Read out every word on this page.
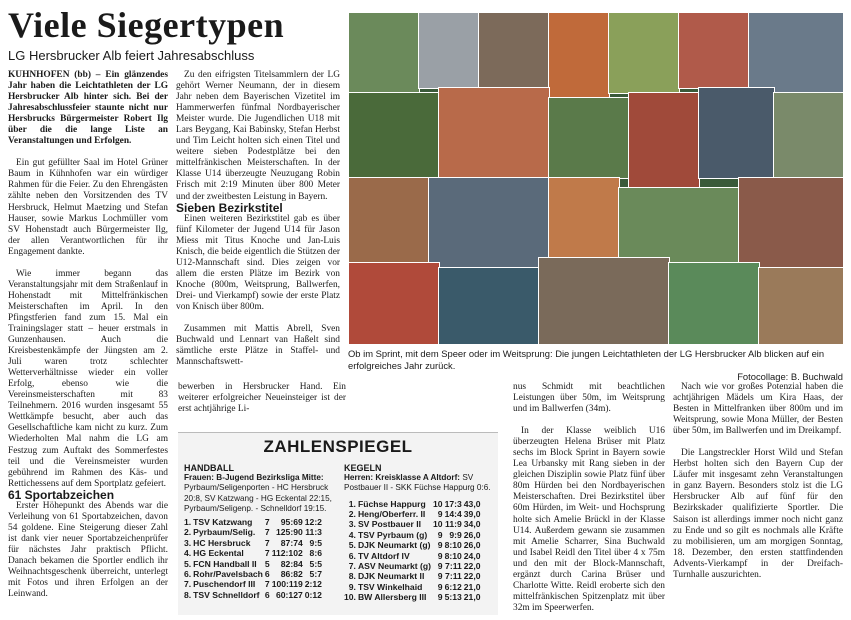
Viele Siegertypen
LG Hersbrucker Alb feiert Jahresabschluss

KÜHNHOFEN (bb) – Ein glänzendes Jahr haben die Leichtathleten der LG Hersbrucker Alb hinter sich. Bei der Jahresabschlussfeier staunte nicht nur Hersbrucks Bürgermeister Robert Ilg über die die lange Liste an Veranstaltungen und Erfolgen.

Ein gut gefüllter Saal im Hotel Grüner Baum in Kühnhofen war ein würdiger Rahmen für die Feier. Zu den Ehrengästen zählte neben den Vorsitzenden des TV Hersbruck, Helmut Maetzing und Stefan Hauser, sowie Markus Lochmüller vom SV Hohenstadt auch Bürgermeister Ilg, der allen Verantwortlichen für ihr Engagement dankte.

Wie immer begann das Veranstaltungsjahr mit dem Straßenlauf in Hohenstadt mit Mittelfränkischen Meisterschaften im April. In den Pfingstferien fand zum 15. Mal ein Trainingslager statt – heuer erstmals in Gunzenhausen. Auch die Kreisbestenkämpfe der Jüngsten am 2. Juli waren trotz schlechter Wetterverhältnisse wieder ein voller Erfolg, ebenso wie die Vereinsmeisterschaften mit 83 Teilnehmern. 2016 wurden insgesamt 55 Wettkämpfe besucht, aber auch das Gesellschaftliche kam nicht zu kurz. Zum Wiederholten Mal nahm die LG am Festzug zum Auftakt des Sommerfestes teil und die Vereinsmeister wurden gebührend im Rahmen des Käs- und Rettichessens auf dem Sportplatz gefeiert.

61 Sportabzeichen

Erster Höhepunkt des Abends war die Verleihung von 61 Sportabzeichen, davon 54 goldene. Eine Steigerung dieser Zahl ist dank vier neuer Sportabzeichenprüfer für nächstes Jahr praktisch Pflicht. Danach bekamen die Sportler endlich ihr Weihnachtsgeschenk überreicht, unterlegt mit Fotos und ihren Erfolgen an der Leinwand.

Zu den eifrigsten Titelsammlern der LG gehört Werner Neumann, der in diesem Jahr neben dem Bayerischen Vizetitel im Hammerwerfen fünfmal Nordbayerischer Meister wurde. Die Jugendlichen U18 mit Lars Beygang, Kai Babinsky, Stefan Herbst und Tim Leicht holten sich einen Titel und weitere sieben Podestplätze bei den mittelfränkischen Meisterschaften. In der Klasse U14 überzeugte Neuzugang Robin Frisch mit 2:19 Minuten über 800 Meter und der zweitbesten Leistung in Bayern.

Sieben Bezirkstitel

Einen weiteren Bezirkstitel gab es über fünf Kilometer der Jugend U14 für Jason Miess mit Titus Knoche und Jan-Luis Knisch, die beide eigentlich die Stützen der U12-Mannschaft sind. Dies zeigen vor allem die ersten Plätze im Bezirk von Knoche (800m, Weitsprung, Ballwerfen, Drei- und Vierkampf) sowie der erste Platz von Knisch über 800m.

Zusammen mit Mattis Abrell, Sven Buchwald und Lennart van Haßelt sind sämtliche erste Plätze in Staffel- und Mannschaftswett-

Ob im Sprint, mit dem Speer oder im Weitsprung: Die jungen Leichtathleten der LG Hersbrucker Alb blicken auf ein erfolgreiches Jahr zurück.
Fotocollage: B. Buchwald

bewerben in Hersbrucker Hand. Ein weiterer erfolgreicher Neueinsteiger ist der erst achtjährige Li-

nus Schmidt mit beachtlichen Leistungen über 50m, im Weitsprung und im Ballwerfen (34m).

In der Klasse weiblich U16 überzeugten Helena Brüser mit Platz sechs im Block Sprint in Bayern sowie Lea Urbansky mit Rang sieben in der gleichen Disziplin sowie Platz fünf über 80m Hürden bei den Nordbayerischen Meisterschaften. Drei Bezirkstitel über 60m Hürden, im Weit- und Hochsprung holte sich Amelie Brückl in der Klasse U14. Außerdem gewann sie zusammen mit Amelie Scharrer, Sina Buchwald und Isabel Reidl den Titel über 4 x 75m und den mit der Block-Mannschaft, ergänzt durch Carina Brüser und Charlotte Witte. Reidl eroberte sich den mittelfränkischen Spitzenplatz mit über 32m im Speerwerfen.

Nach wie vor großes Potenzial haben die achtjährigen Mädels um Kira Haas, der Besten in Mittelfranken über 800m und im Weitsprung, sowie Mona Müller, der Besten über 50m, im Ballwerfen und im Dreikampf.

Die Langstreckler Horst Wild und Stefan Herbst holten sich den Bayern Cup der Läufer mit insgesamt zehn Veranstaltungen in ganz Bayern. Besonders stolz ist die LG Hersbrucker Alb auf fünf für den Bezirkskader qualifizierte Sportler. Die Saison ist allerdings immer noch nicht ganz zu Ende und so gilt es nochmals alle Kräfte zu mobilisieren, um am morgigen Sonntag, 18. Dezember, den ersten stattfindenden Advents-Vierkampf in der Dreifach-Turnhalle auszurichten.

ZAHLENSPIEGEL
HANDBALL
Frauen: B-Jugend Bezirksliga Mitte:
Pyrbaum/Seligenporten - HC Hersbruck 20:8, SV Katzwang - HG Eckental 22:15, Pyrbaum/Seligenp. - Schnelldorf 19:15.
1.	TSV Katzwang	7	95:69	12:2
2.	Pyrbaum/Selig.	7	125:90	11:3
3.	HC Hersbruck	7	87:74	9:5
4.	HG Eckental	7	112:102	8:6
5.	FCN Handball II	5	82:84	5:5
6.	Rohr/Pavelsbach	6	86:82	5:7
7.	Puschendorf III	7	100:119	2:12
8.	TSV Schnelldorf	6	60:127	0:12
KEGELN
Herren: Kreisklasse A Altdorf: SV Postbauer II - SKK Füchse Happurg 0:6.
1.	Füchse Happurg	10	17:3	43,0
2.	Heng/Oberferr. II	9	14:4	39,0
3.	SV Postbauer II	10	11:9	34,0
4.	TSV Pyrbaum (g)	9	9:9	26,0
5.	DJK Neumarkt (g)	9	8:10	26,0
6.	TV Altdorf IV	9	8:10	24,0
7.	ASV Neumarkt (g)	9	7:11	22,0
8.	DJK Neumarkt II	9	7:11	22,0
9.	TSV Winkelhaid	9	6:12	21,0
10.	BW Allersberg III	9	5:13	21,0
